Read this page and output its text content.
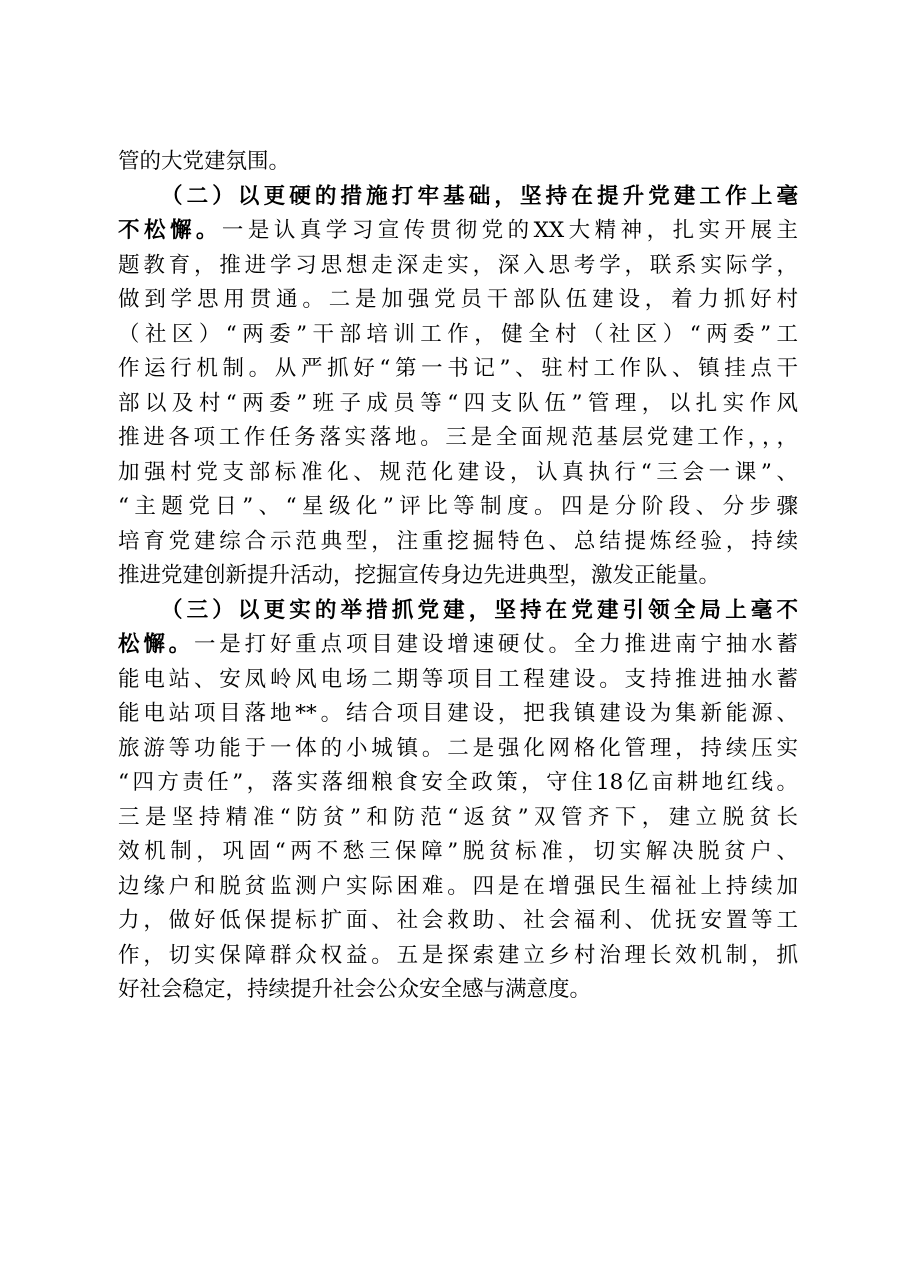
管的大党建氛围。
（二）以更硬的措施打牢基础，坚持在提升党建工作上毫
不松懈。一是认真学习宣传贯彻党的XX大精神，扎实开展主
题教育，推进学习思想走深走实，深入思考学，联系实际学，
做到学思用贯通。二是加强党员干部队伍建设，着力抓好村
（社区）“两委”干部培训工作，健全村（社区）“两委”工
作运行机制。从严抓好“第一书记”、驻村工作队、镇挂点干
部以及村“两委”班子成员等“四支队伍”管理，以扎实作风
推进各项工作任务落实落地。三是全面规范基层党建工作，，，
加强村党支部标准化、规范化建设，认真执行“三会一课”、
“主题党日”、“星级化”评比等制度。四是分阶段、分步骤
培育党建综合示范典型，注重挖掘特色、总结提炼经验，持续
推进党建创新提升活动，挖掘宣传身边先进典型，激发正能量。
（三）以更实的举措抓党建，坚持在党建引领全局上毫不
松懈。一是打好重点项目建设增速硬仗。全力推进南宁抽水蓄
能电站、安凤岭风电场二期等项目工程建设。支持推进抽水蓄
能电站项目落地**。结合项目建设，把我镇建设为集新能源、
旅游等功能于一体的小城镇。二是强化网格化管理，持续压实
“四方责任”，落实落细粮食安全政策，守住18亿亩耕地红线。
三是坚持精准“防贫”和防范“返贫”双管齐下，建立脱贫长
效机制，巩固“两不愁三保障”脱贫标准，切实解决脱贫户、
边缘户和脱贫监测户实际困难。四是在增强民生福祉上持续加
力，做好低保提标扩面、社会救助、社会福利、优抚安置等工
作，切实保障群众权益。五是探索建立乡村治理长效机制，抓
好社会稳定，持续提升社会公众安全感与满意度。
